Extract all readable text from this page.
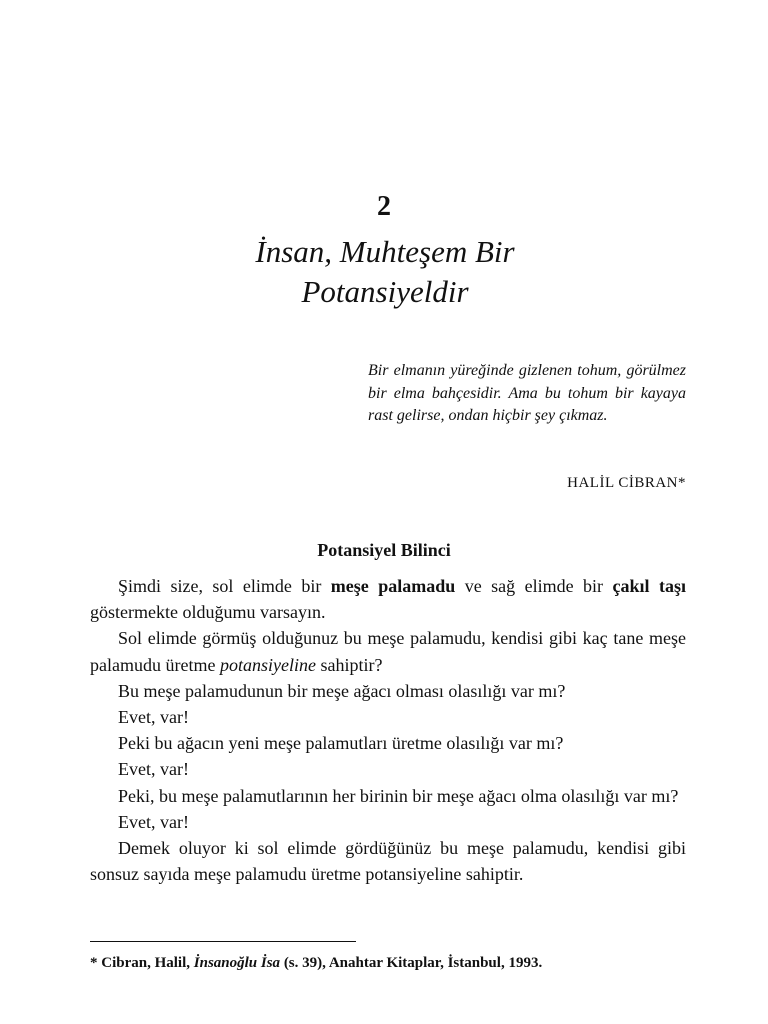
2
İnsan, Muhteşem Bir
Potansiyeldir
Bir elmanın yüreğinde gizlenen tohum, görülmez bir elma bahçesidir. Ama bu tohum bir kayaya rast gelirse, ondan hiçbir şey çıkmaz.
HALİL CİBRAN*
Potansiyel Bilinci

Şimdi size, sol elimde bir meşe palamadu ve sağ elimde bir çakıl taşı göstermekte olduğumu varsayın.

Sol elimde görmüş olduğunuz bu meşe palamudu, kendisi gibi kaç tane meşe palamudu üretme potansiyeline sahiptir?

Bu meşe palamudunun bir meşe ağacı olması olasılığı var mı?

Evet, var!

Peki bu ağacın yeni meşe palamutları üretme olasılığı var mı?

Evet, var!

Peki, bu meşe palamutlarının her birinin bir meşe ağacı olma olasılığı var mı?

Evet, var!

Demek oluyor ki sol elimde gördüğünüz bu meşe palamudu, kendisi gibi sonsuz sayıda meşe palamudu üretme potansiyeline sahiptir.

* Cibran, Halil, İnsanoğlu İsa (s. 39), Anahtar Kitaplar, İstanbul, 1993.
